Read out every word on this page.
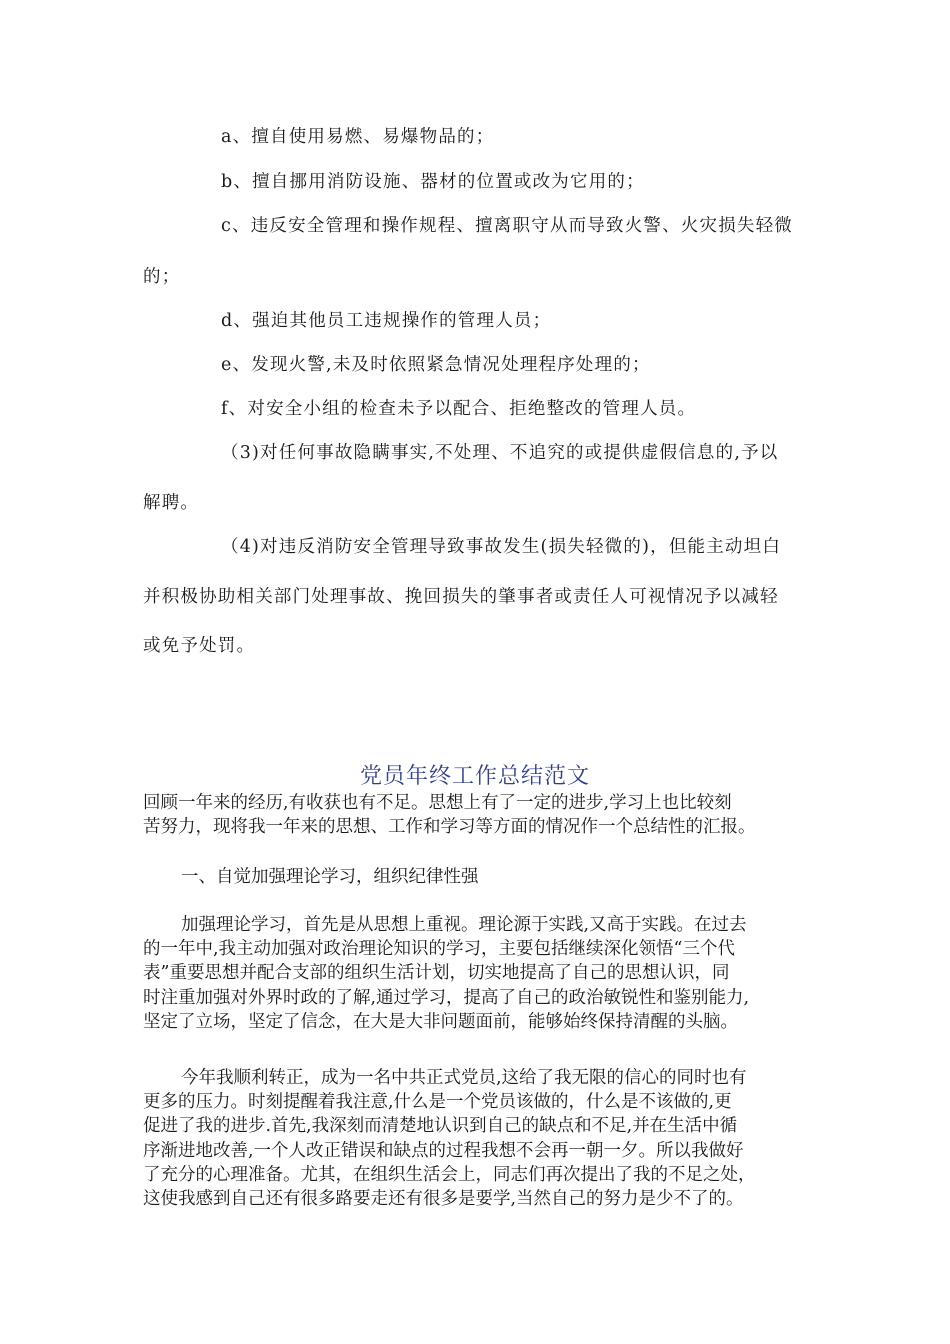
a、擅自使用易燃、易爆物品的；
b、擅自挪用消防设施、器材的位置或改为它用的；
c、违反安全管理和操作规程、擅离职守从而导致火警、火灾损失轻微
的；
d、强迫其他员工违规操作的管理人员；
e、发现火警,未及时依照紧急情况处理程序处理的；
f、对安全小组的检查未予以配合、拒绝整改的管理人员。
（3)对任何事故隐瞒事实,不处理、不追究的或提供虚假信息的,予以
解聘。
（4)对违反消防安全管理导致事故发生(损失轻微的)，但能主动坦白
并积极协助相关部门处理事故、挽回损失的肇事者或责任人可视情况予以减轻
或免予处罚。
党员年终工作总结范文
回顾一年来的经历,有收获也有不足。思想上有了一定的进步,学习上也比较刻
苦努力，现将我一年来的思想、工作和学习等方面的情况作一个总结性的汇报。
一、自觉加强理论学习，组织纪律性强
加强理论学习，首先是从思想上重视。理论源于实践,又高于实践。在过去
的一年中,我主动加强对政治理论知识的学习，主要包括继续深化领悟“三个代
表”重要思想并配合支部的组织生活计划，切实地提高了自己的思想认识，同
时注重加强对外界时政的了解,通过学习，提高了自己的政治敏锐性和鉴别能力,
坚定了立场，坚定了信念，在大是大非问题面前，能够始终保持清醒的头脑。
今年我顺利转正，成为一名中共正式党员,这给了我无限的信心的同时也有
更多的压力。时刻提醒着我注意,什么是一个党员该做的，什么是不该做的,更
促进了我的进步.首先,我深刻而清楚地认识到自己的缺点和不足,并在生活中循
序渐进地改善,一个人改正错误和缺点的过程我想不会再一朝一夕。所以我做好
了充分的心理准备。尤其，在组织生活会上，同志们再次提出了我的不足之处，
这使我感到自己还有很多路要走还有很多是要学,当然自己的努力是少不了的。
